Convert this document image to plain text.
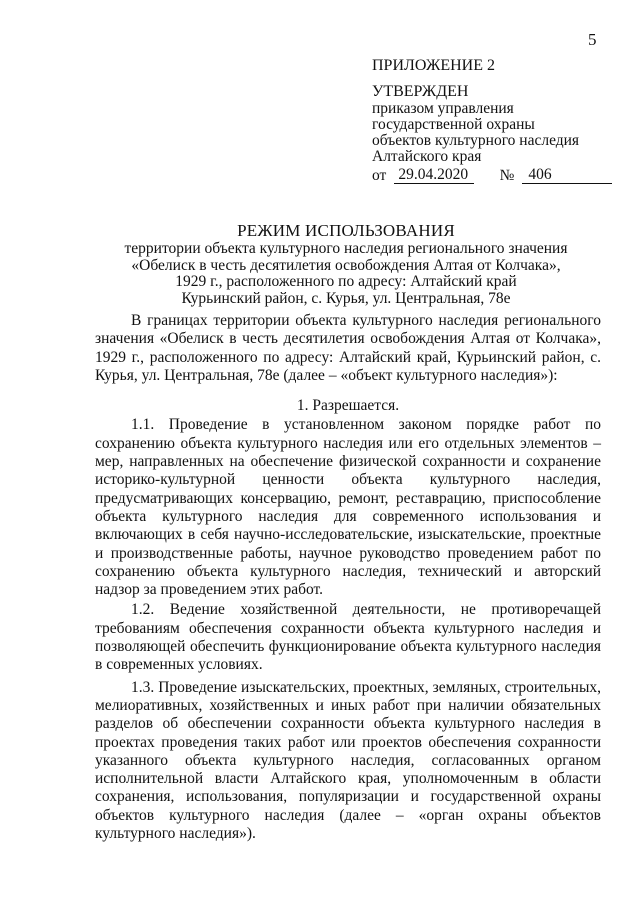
5
ПРИЛОЖЕНИЕ 2
УТВЕРЖДЕН
приказом управления
государственной охраны
объектов культурного наследия
Алтайского края
от 29.04.2020	№ 406
РЕЖИМ ИСПОЛЬЗОВАНИЯ
территории объекта культурного наследия регионального значения
«Обелиск в честь десятилетия освобождения Алтая от Колчака»,
1929 г., расположенного по адресу: Алтайский край
Курьинский район, с. Курья, ул. Центральная, 78е

В границах территории объекта культурного наследия регионального значения «Обелиск в честь десятилетия освобождения Алтая от Колчака», 1929 г., расположенного по адресу: Алтайский край, Курьинский район, с. Курья, ул. Центральная, 78е (далее – «объект культурного наследия»):

1. Разрешается.

1.1. Проведение в установленном законом порядке работ по сохранению объекта культурного наследия или его отдельных элементов – мер, направленных на обеспечение физической сохранности и сохранение историко-культурной ценности объекта культурного наследия, предусматривающих консервацию, ремонт, реставрацию, приспособление объекта культурного наследия для современного использования и включающих в себя научно-исследовательские, изыскательские, проектные и производственные работы, научное руководство проведением работ по сохранению объекта культурного наследия, технический и авторский надзор за проведением этих работ.

1.2. Ведение хозяйственной деятельности, не противоречащей требованиям обеспечения сохранности объекта культурного наследия и позволяющей обеспечить функционирование объекта культурного наследия в современных условиях.

1.3. Проведение изыскательских, проектных, земляных, строительных, мелиоративных, хозяйственных и иных работ при наличии обязательных разделов об обеспечении сохранности объекта культурного наследия в проектах проведения таких работ или проектов обеспечения сохранности указанного объекта культурного наследия, согласованных органом исполнительной власти Алтайского края, уполномоченным в области сохранения, использования, популяризации и государственной охраны объектов культурного наследия (далее – «орган охраны объектов культурного наследия»).
